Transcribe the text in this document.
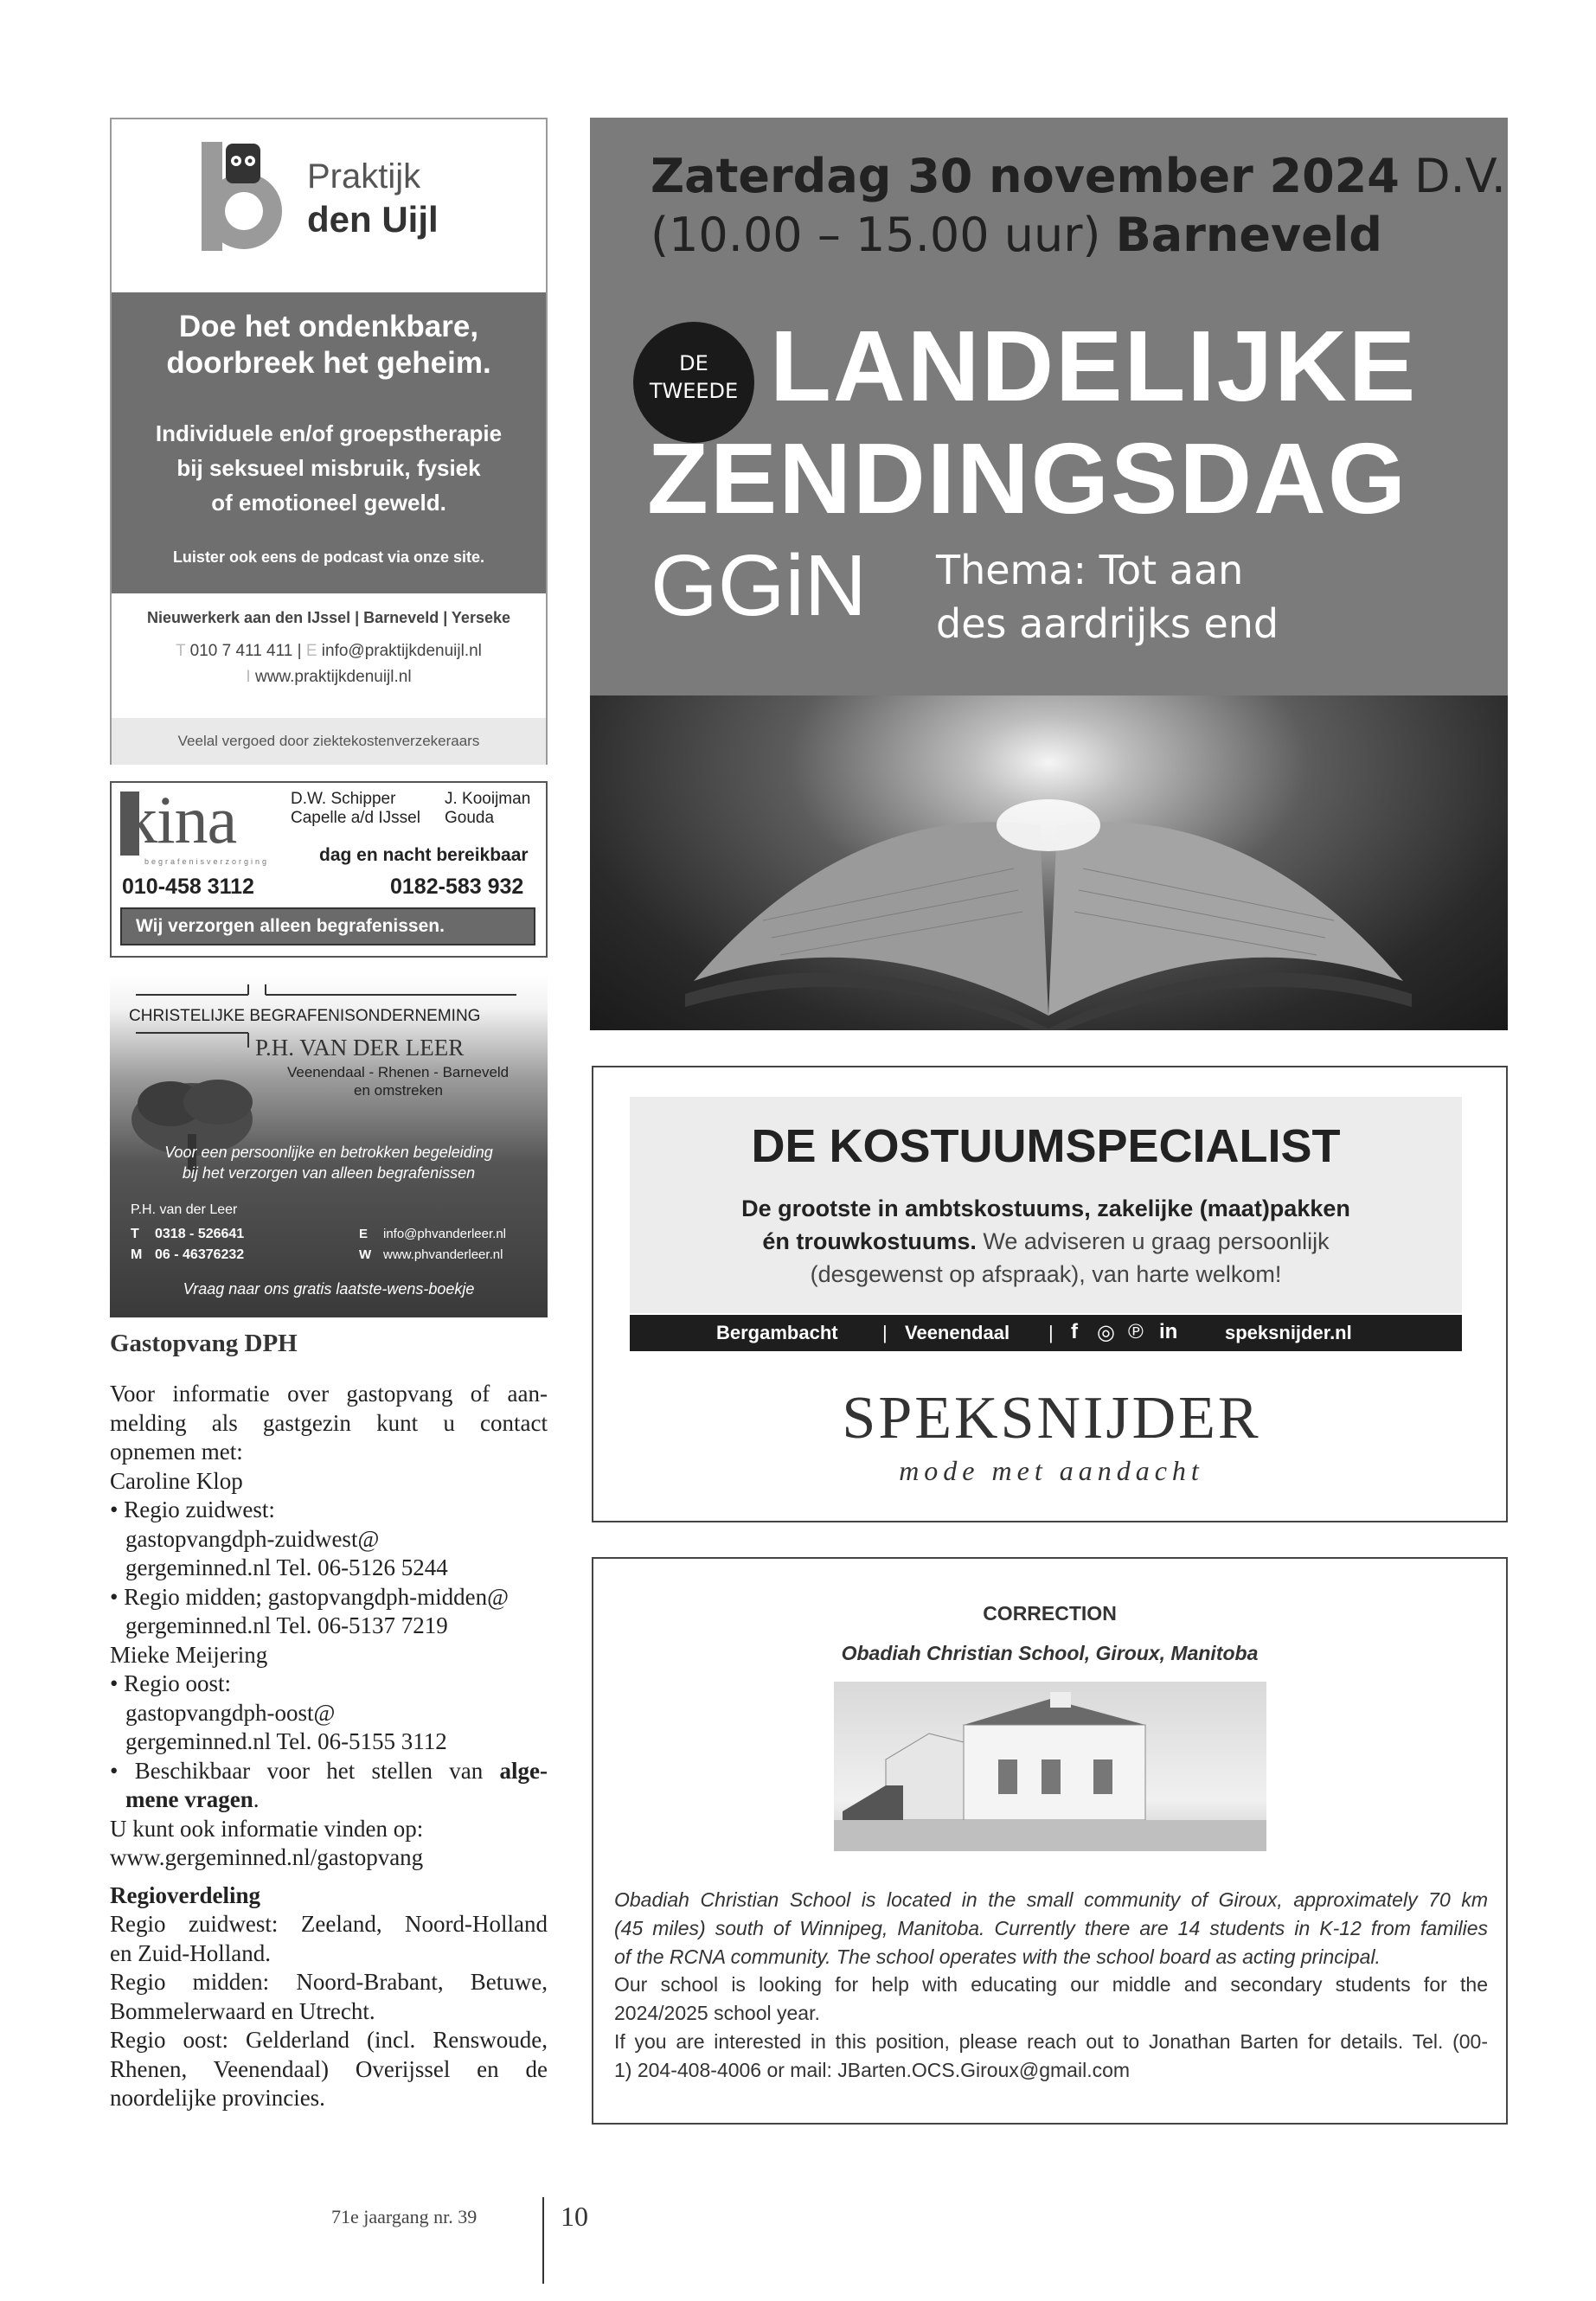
Praktijk
den Uijl
Doe het ondenkbare,
doorbreek het geheim.
Individuele en/of groepstherapie
bij seksueel misbruik, fysiek
of emotioneel geweld.
Luister ook eens de podcast via onze site.
Nieuwerkerk aan den IJssel | Barneveld | Yerseke
T 010 7 411 411 | E info@praktijkdenuijl.nl
I www.praktijkdenuijl.nl
Veelal vergoed door ziektekostenverzekeraars
kina
begrafenisverzorging
D.W. Schipper
Capelle a/d IJssel
J. Kooijman
Gouda
dag en nacht bereikbaar
010-458 3112	0182-583 932
Wij verzorgen alleen begrafenissen.
CHRISTELIJKE BEGRAFENISONDERNEMING
P.H. VAN DER LEER
Veenendaal - Rhenen - Barneveld
en omstreken
Voor een persoonlijke en betrokken begeleiding
bij het verzorgen van alleen begrafenissen
P.H. van der Leer
T 0318 - 526641
M 06 - 46376232
E info@phvanderleer.nl
W www.phvanderleer.nl
Vraag naar ons gratis laatste-wens-boekje
Zaterdag 30 november 2024 D.V.
(10.00 – 15.00 uur) Barneveld
DE
TWEEDE LANDELIJKE
ZENDINGSDAG
GGiN Thema: Tot aan
des aardrijks end
DE KOSTUUMSPECIALIST
De grootste in ambtskostuums, zakelijke (maat)pakken
én trouwkostuums. We adviseren u graag persoonlijk
(desgewenst op afspraak), van harte welkom!
Bergambacht | Veenendaal | f ◎ ℗ in speksnijder.nl
SPEKSNIJDER
mode met aandacht
CORRECTION
Obadiah Christian School, Giroux, Manitoba
Obadiah Christian School is located in the small community of Giroux, approximately 70 km
(45 miles) south of Winnipeg, Manitoba. Currently there are 14 students in K-12 from families
of the RCNA community. The school operates with the school board as acting principal.
Our school is looking for help with educating our middle and secondary students for the
2024/2025 school year.
If you are interested in this position, please reach out to Jonathan Barten for details. Tel. (00-
1) 204-408-4006 or mail: JBarten.OCS.Giroux@gmail.com
Gastopvang DPH
Voor informatie over gastopvang of aan-
melding als gastgezin kunt u contact
opnemen met:
Caroline Klop
• Regio zuidwest:
gastopvangdph-zuidwest@
gergeminned.nl Tel. 06-5126 5244
• Regio midden; gastopvangdph-midden@
gergeminned.nl Tel. 06-5137 7219
Mieke Meijering
• Regio oost:
gastopvangdph-oost@
gergeminned.nl Tel. 06-5155 3112
• Beschikbaar voor het stellen van alge-
mene vragen.
U kunt ook informatie vinden op:
www.gergeminned.nl/gastopvang
Regioverdeling
Regio zuidwest: Zeeland, Noord-Holland
en Zuid-Holland.
Regio midden: Noord-Brabant, Betuwe,
Bommelerwaard en Utrecht.
Regio oost: Gelderland (incl. Renswoude,
Rhenen, Veenendaal) Overijssel en de
noordelijke provincies.
71e jaargang nr. 39	10
